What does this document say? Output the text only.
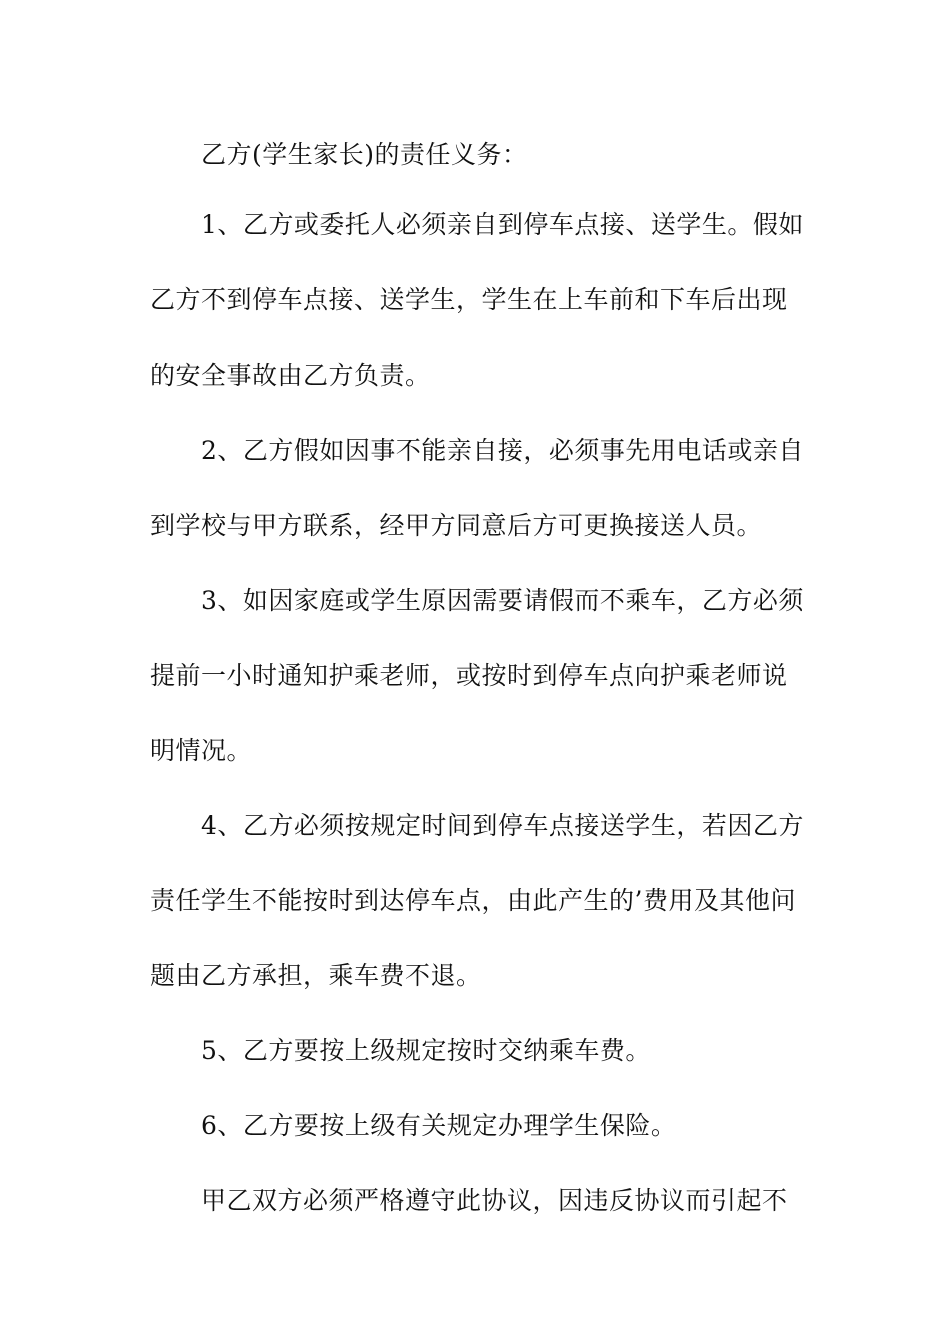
乙方(学生家长)的责任义务：
1、乙方或委托人必须亲自到停车点接、送学生。假如
乙方不到停车点接、送学生，学生在上车前和下车后出现
的安全事故由乙方负责。
2、乙方假如因事不能亲自接，必须事先用电话或亲自
到学校与甲方联系，经甲方同意后方可更换接送人员。
3、如因家庭或学生原因需要请假而不乘车，乙方必须
提前一小时通知护乘老师，或按时到停车点向护乘老师说
明情况。
4、乙方必须按规定时间到停车点接送学生，若因乙方
责任学生不能按时到达停车点，由此产生的’费用及其他问
题由乙方承担，乘车费不退。
5、乙方要按上级规定按时交纳乘车费。
6、乙方要按上级有关规定办理学生保险。
甲乙双方必须严格遵守此协议，因违反协议而引起不
